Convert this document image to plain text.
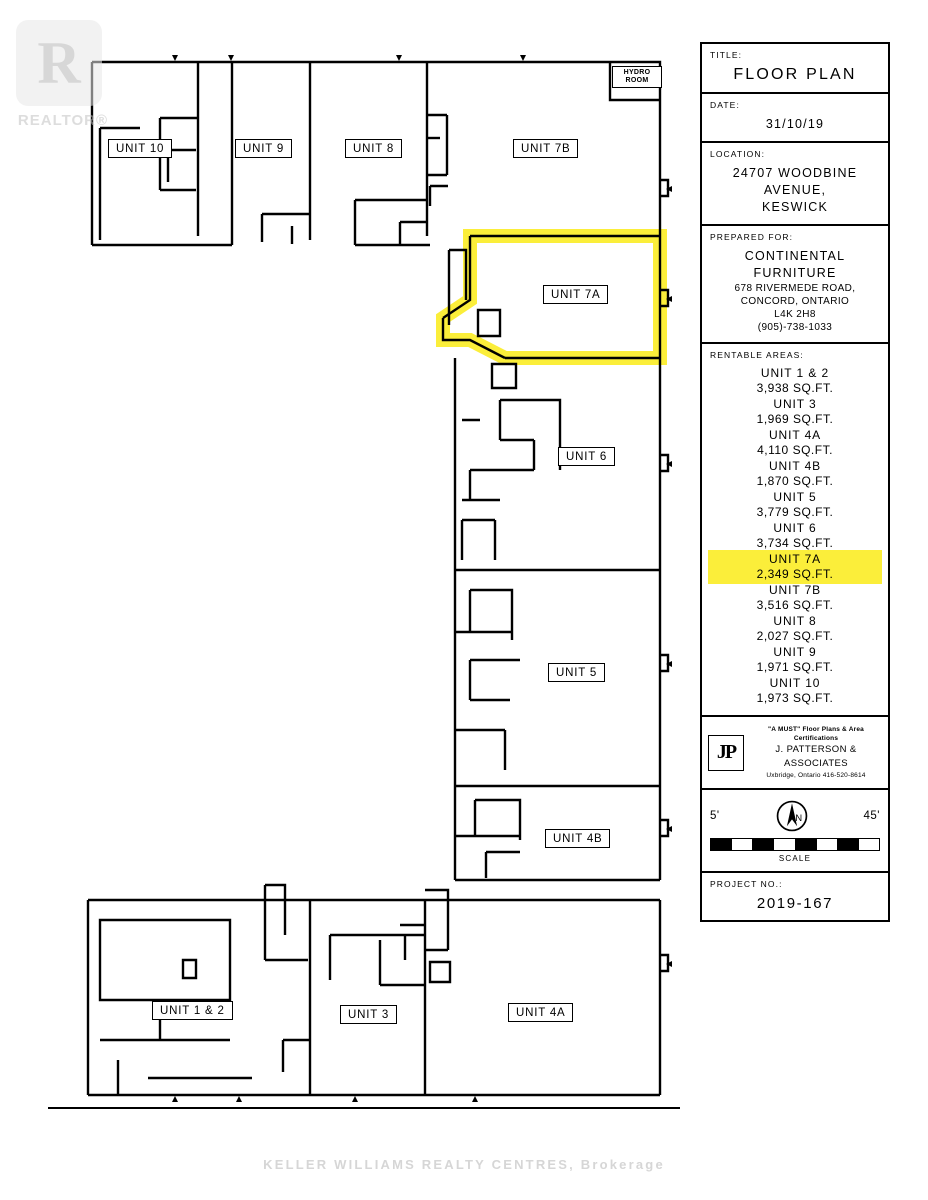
HYDRO ROOM
UNIT 10	UNIT 9	UNIT 8	UNIT 7B
UNIT 7A
UNIT 6
UNIT 5
UNIT 4B
UNIT 1 & 2	UNIT 3	UNIT 4A
TITLE:
FLOOR PLAN
DATE:
31/10/19
LOCATION:
24707 WOODBINE
AVENUE,
KESWICK
PREPARED FOR:
CONTINENTAL
FURNITURE
678 RIVERMEDE ROAD,
CONCORD, ONTARIO
L4K 2H8
(905)-738-1033
RENTABLE AREAS:
UNIT 1 & 2
3,938 SQ.FT.
UNIT 3
1,969 SQ.FT.
UNIT 4A
4,110 SQ.FT.
UNIT 4B
1,870 SQ.FT.
UNIT 5
3,779 SQ.FT.
UNIT 6
3,734 SQ.FT.
UNIT 7A
2,349 SQ.FT.
UNIT 7B
3,516 SQ.FT.
UNIT 8
2,027 SQ.FT.
UNIT 9
1,971 SQ.FT.
UNIT 10
1,973 SQ.FT.
JP
"A MUST" Floor Plans & Area Certifications
J. PATTERSON & ASSOCIATES
Uxbridge, Ontario 416-520-8614
5'	N	45'
SCALE
PROJECT NO.:
2019-167
R
REALTOR®
KELLER WILLIAMS REALTY CENTRES, Brokerage
